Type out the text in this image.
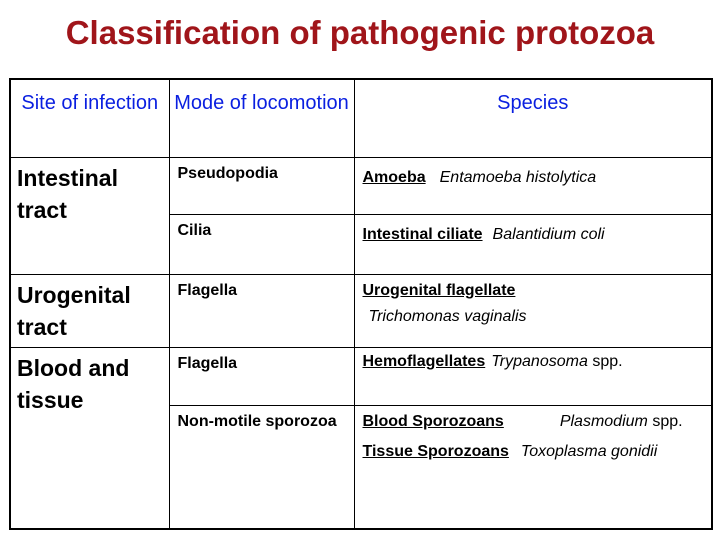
Classification of pathogenic protozoa
Site of infection	Mode of locomotion	Species
Intestinal tract	Pseudopodia	Amoeba Entamoeba histolytica
	Cilia	Intestinal ciliate Balantidium coli
Urogenital tract	Flagella	Urogenital flagellate
Trichomonas vaginalis

Blood and tissue	Flagella	Hemoflagellates Trypanosoma spp.
	Non-motile sporozoa	Blood Sporozoans Plasmodium spp.
Tissue Sporozoans Toxoplasma gonidii
